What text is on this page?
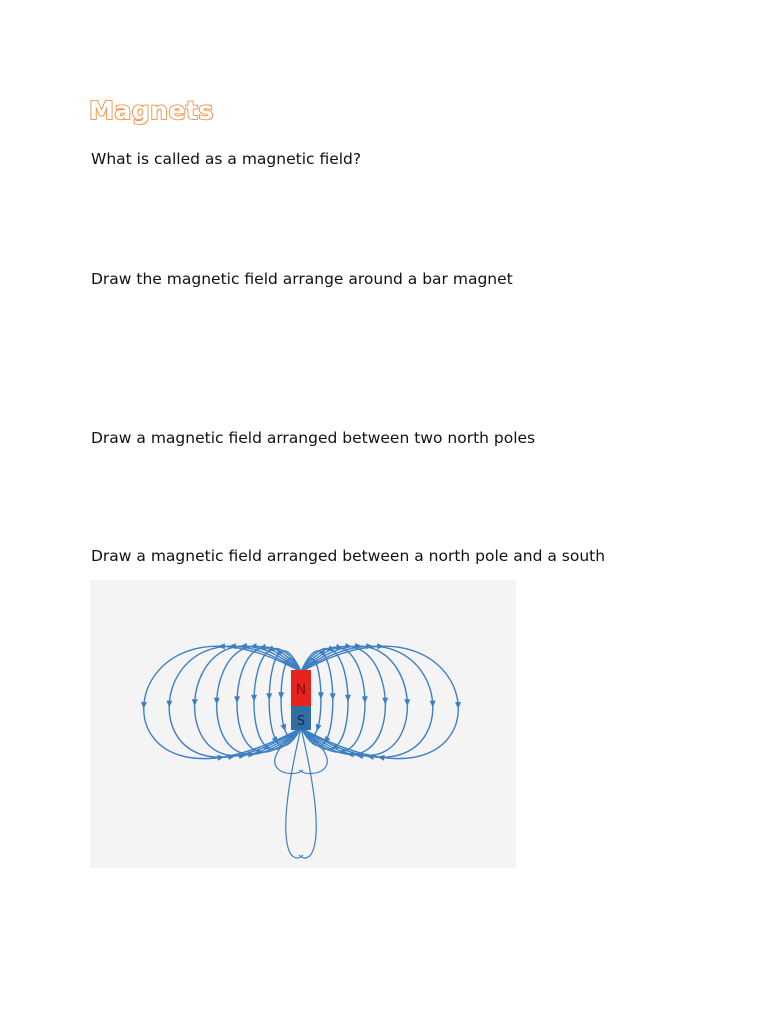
Magnets
What is called as a magnetic field?
Draw the magnetic field arrange around a bar magnet
Draw a magnetic field arranged between two north poles
Draw a magnetic field arranged between a north pole and a south
N
S
